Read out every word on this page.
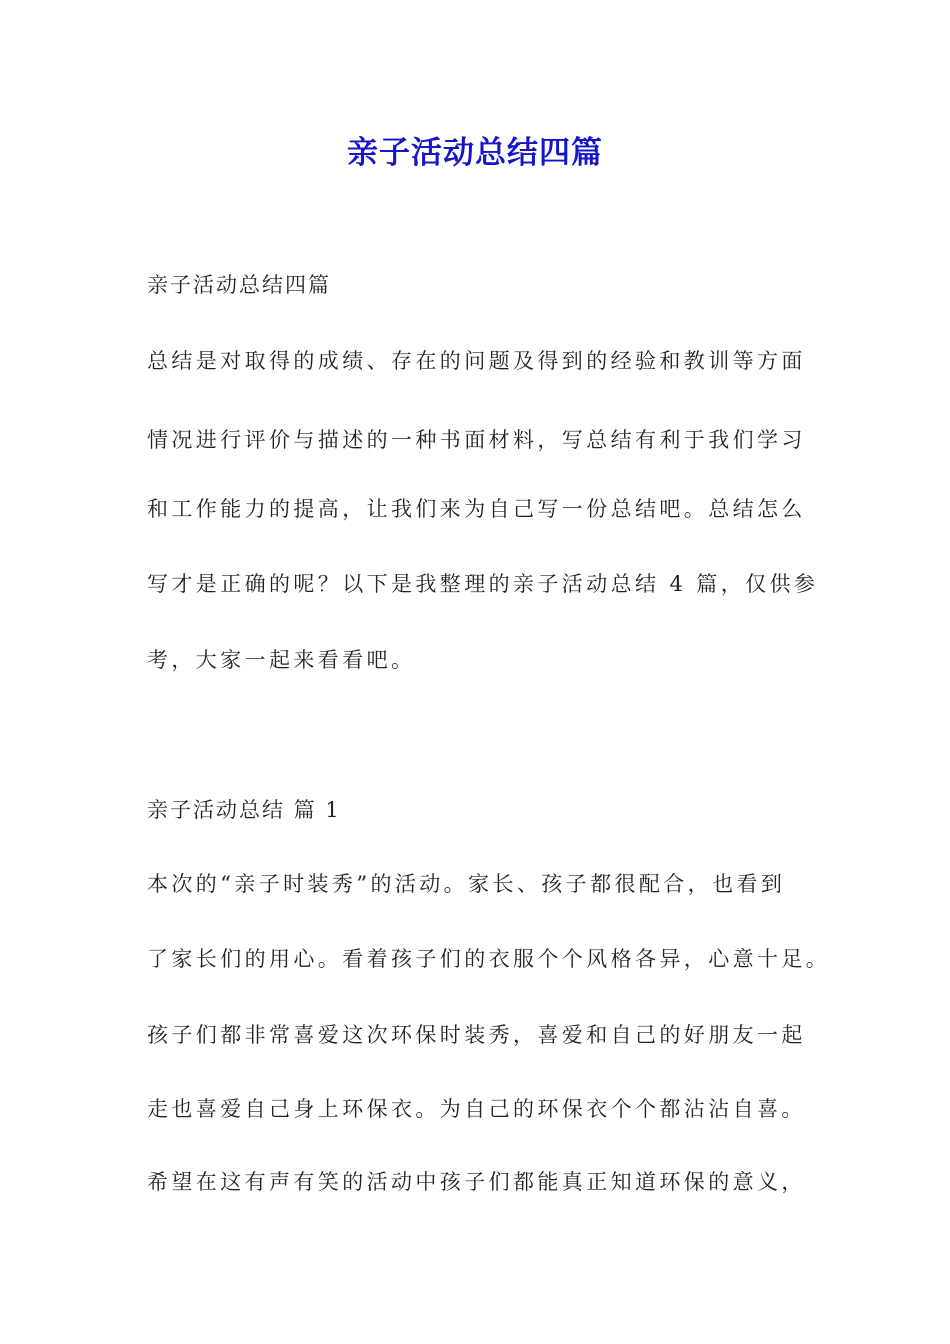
亲子活动总结四篇

亲子活动总结四篇

总结是对取得的成绩、存在的问题及得到的经验和教训等方面

情况进行评价与描述的一种书面材料，写总结有利于我们学习

和工作能力的提高，让我们来为自己写一份总结吧。总结怎么

写才是正确的呢？以下是我整理的亲子活动总结 4 篇，仅供参

考，大家一起来看看吧。

亲子活动总结 篇 1

本次的“亲子时装秀”的活动。家长、孩子都很配合，也看到

了家长们的用心。看着孩子们的衣服个个风格各异，心意十足。

孩子们都非常喜爱这次环保时装秀，喜爱和自己的好朋友一起

走也喜爱自己身上环保衣。为自己的环保衣个个都沾沾自喜。

希望在这有声有笑的活动中孩子们都能真正知道环保的意义，
